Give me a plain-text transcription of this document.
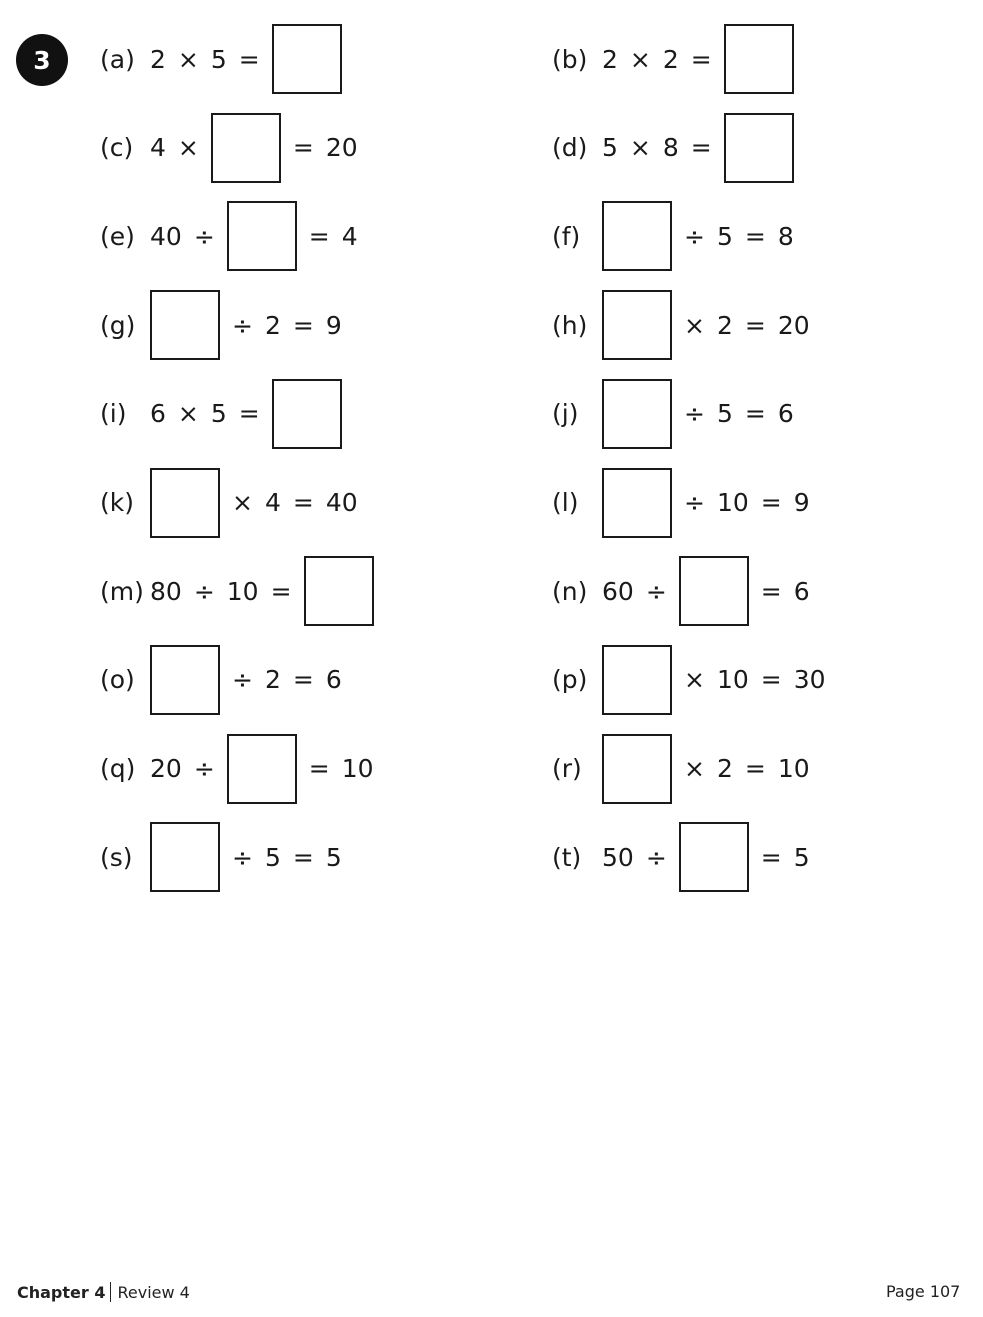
3	(a) 2 × 5 =	(b) 2 × 2 =
(c) 4 ×	= 20	(d) 5 × 8 =
(e) 40 ÷	= 4	(f)	÷ 5 = 8
(g)	÷ 2 = 9	(h)	× 2 = 20
(i) 6 × 5 =	(j)	÷ 5 = 6
(k)	× 4 = 40	(l)	÷ 10 = 9
(m) 80 ÷ 10 =	(n) 60 ÷	= 6
(o)	÷ 2 = 6	(p)	× 10 = 30
(q) 20 ÷	= 10	(r)	× 2 = 10
(s)	÷ 5 = 5	(t) 50 ÷	= 5
Chapter 4 Review 4	Page 107
